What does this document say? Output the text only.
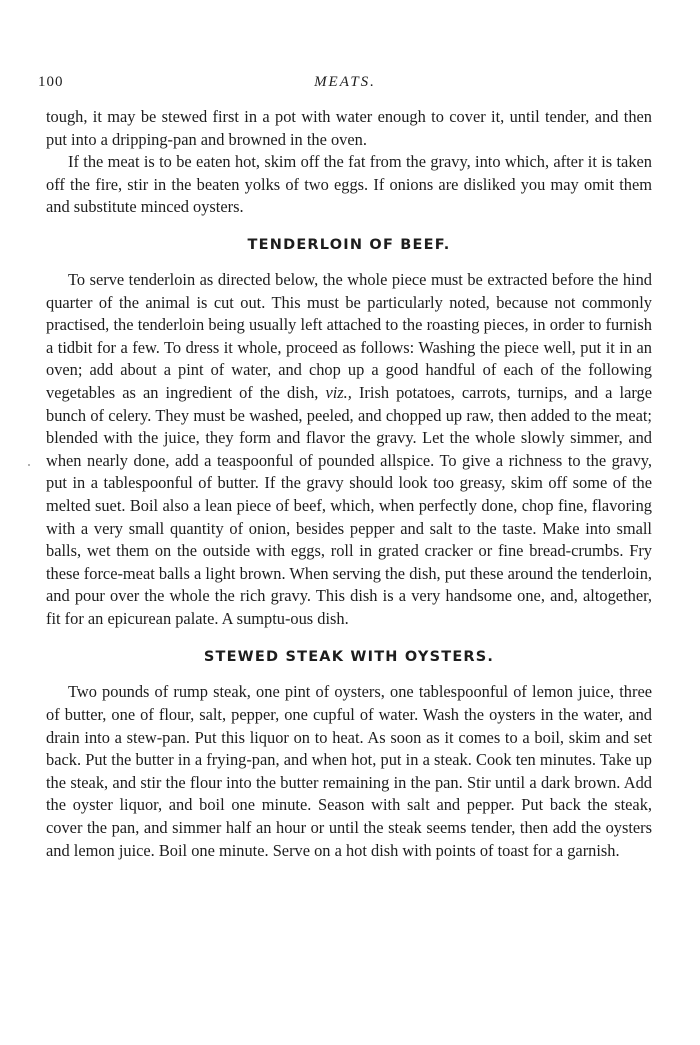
100	MEATS.

tough, it may be stewed first in a pot with water enough to cover it, until tender, and then put into a dripping-pan and browned in the oven.

If the meat is to be eaten hot, skim off the fat from the gravy, into which, after it is taken off the fire, stir in the beaten yolks of two eggs. If onions are disliked you may omit them and substitute minced oysters.

TENDERLOIN OF BEEF.

To serve tenderloin as directed below, the whole piece must be extracted before the hind quarter of the animal is cut out. This must be particularly noted, because not commonly practised, the tenderloin being usually left attached to the roasting pieces, in order to furnish a tidbit for a few. To dress it whole, proceed as follows: Washing the piece well, put it in an oven; add about a pint of water, and chop up a good handful of each of the following vegetables as an ingredient of the dish, viz., Irish potatoes, carrots, turnips, and a large bunch of celery. They must be washed, peeled, and chopped up raw, then added to the meat; blended with the juice, they form and flavor the gravy. Let the whole slowly simmer, and when nearly done, add a teaspoonful of pounded allspice. To give a richness to the gravy, put in a tablespoonful of butter. If the gravy should look too greasy, skim off some of the melted suet. Boil also a lean piece of beef, which, when perfectly done, chop fine, flavoring with a very small quantity of onion, besides pepper and salt to the taste. Make into small balls, wet them on the outside with eggs, roll in grated cracker or fine bread-crumbs. Fry these force-meat balls a light brown. When serving the dish, put these around the tenderloin, and pour over the whole the rich gravy. This dish is a very handsome one, and, altogether, fit for an epicurean palate. A sumptu-ous dish.

STEWED STEAK WITH OYSTERS.

Two pounds of rump steak, one pint of oysters, one tablespoonful of lemon juice, three of butter, one of flour, salt, pepper, one cupful of water. Wash the oysters in the water, and drain into a stew-pan. Put this liquor on to heat. As soon as it comes to a boil, skim and set back. Put the butter in a frying-pan, and when hot, put in a steak. Cook ten minutes. Take up the steak, and stir the flour into the butter remaining in the pan. Stir until a dark brown. Add the oyster liquor, and boil one minute. Season with salt and pepper. Put back the steak, cover the pan, and simmer half an hour or until the steak seems tender, then add the oysters and lemon juice. Boil one minute. Serve on a hot dish with points of toast for a garnish.
